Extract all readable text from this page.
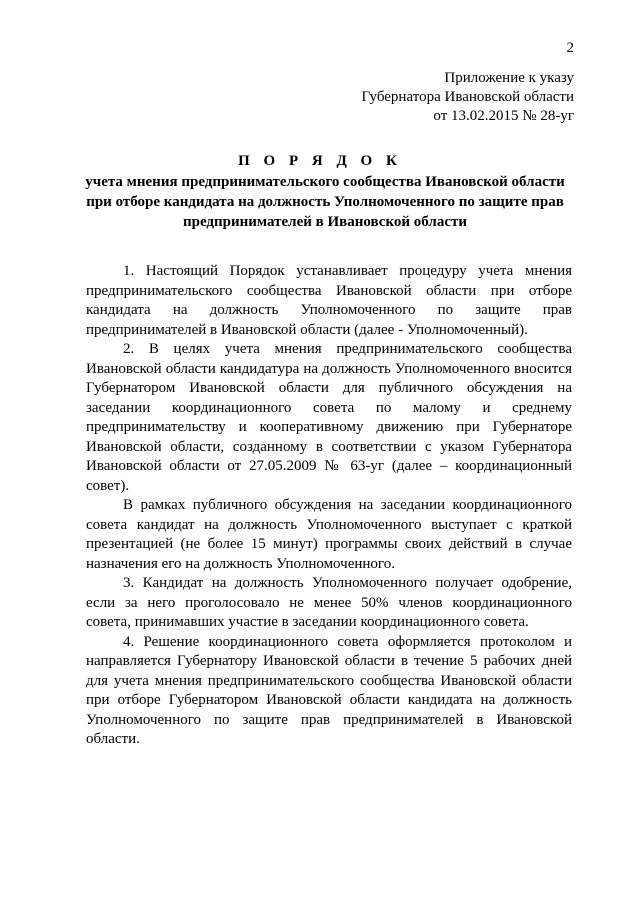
2
Приложение к указу
Губернатора Ивановской области
от 13.02.2015 № 28-уг
П О Р Я Д О К
учета мнения предпринимательского сообщества Ивановской области при отборе кандидата на должность Уполномоченного по защите прав предпринимателей в Ивановской области

1. Настоящий Порядок устанавливает процедуру учета мнения предпринимательского сообщества Ивановской области при отборе кандидата на должность Уполномоченного по защите прав предпринимателей в Ивановской области (далее - Уполномоченный).

2. В целях учета мнения предпринимательского сообщества Ивановской области кандидатура на должность Уполномоченного вносится Губернатором Ивановской области для публичного обсуждения на заседании координационного совета по малому и среднему предпринимательству и кооперативному движению при Губернаторе Ивановской области, созданному в соответствии с указом Губернатора Ивановской области от 27.05.2009 № 63-уг (далее – координационный совет).

В рамках публичного обсуждения на заседании координационного совета кандидат на должность Уполномоченного выступает с краткой презентацией (не более 15 минут) программы своих действий в случае назначения его на должность Уполномоченного.

3. Кандидат на должность Уполномоченного получает одобрение, если за него проголосовало не менее 50% членов координационного совета, принимавших участие в заседании координационного совета.

4. Решение координационного совета оформляется протоколом и направляется Губернатору Ивановской области в течение 5 рабочих дней для учета мнения предпринимательского сообщества Ивановской области при отборе Губернатором Ивановской области кандидата на должность Уполномоченного по защите прав предпринимателей в Ивановской области.
